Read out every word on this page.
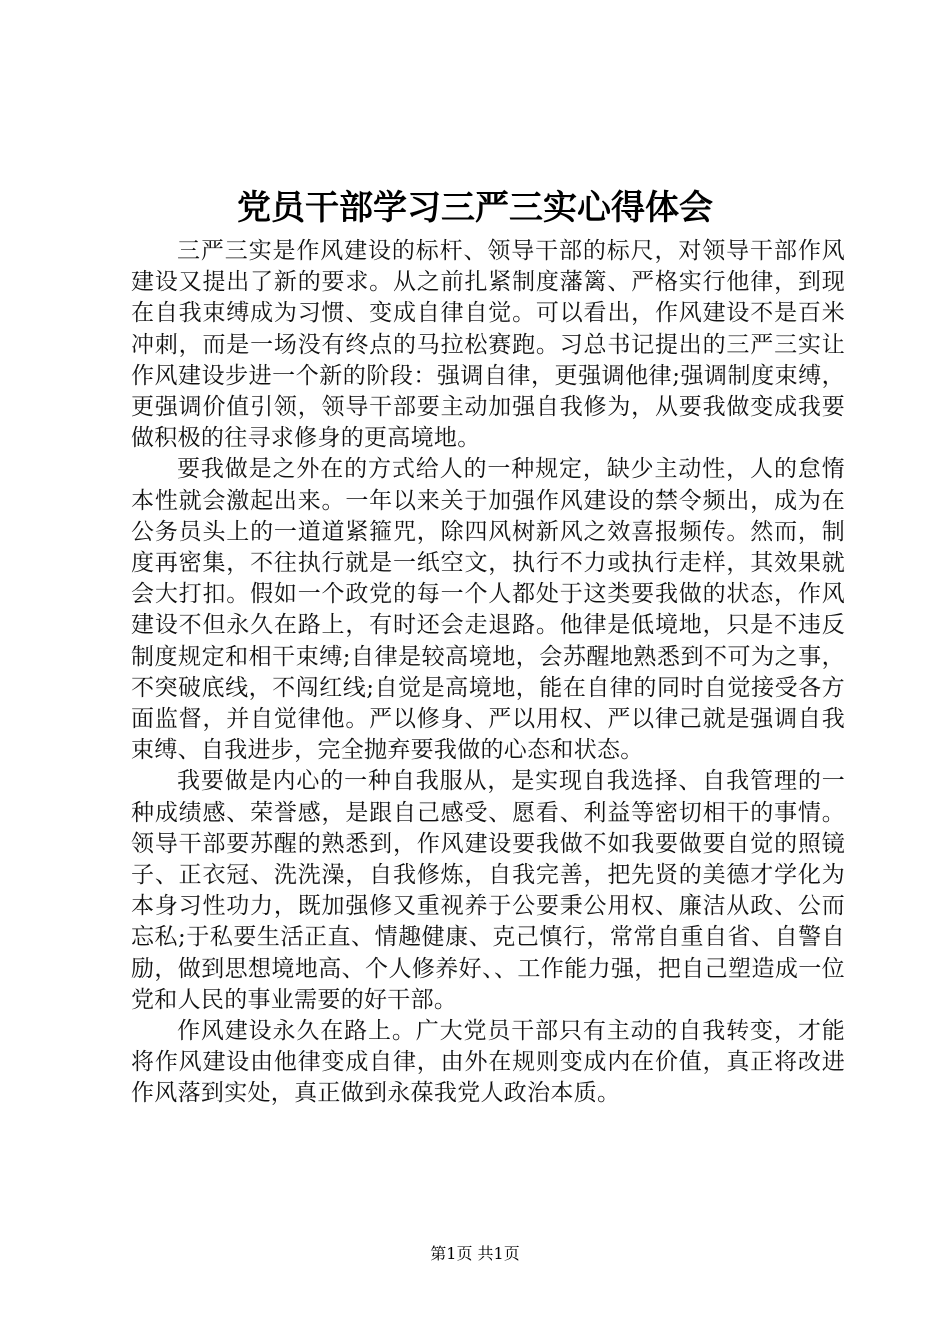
党员干部学习三严三实心得体会

三严三实是作风建设的标杆、领导干部的标尺，对领导干部作风建设又提出了新的要求。从之前扎紧制度藩篱、严格实行他律，到现在自我束缚成为习惯、变成自律自觉。可以看出，作风建设不是百米冲刺，而是一场没有终点的马拉松赛跑。习总书记提出的三严三实让作风建设步进一个新的阶段：强调自律，更强调他律;强调制度束缚，更强调价值引领，领导干部要主动加强自我修为，从要我做变成我要做积极的往寻求修身的更高境地。

要我做是之外在的方式给人的一种规定，缺少主动性，人的怠惰本性就会激起出来。一年以来关于加强作风建设的禁令频出，成为在公务员头上的一道道紧箍咒，除四风树新风之效喜报频传。然而，制度再密集，不往执行就是一纸空文，执行不力或执行走样，其效果就会大打扣。假如一个政党的每一个人都处于这类要我做的状态，作风建设不但永久在路上，有时还会走退路。他律是低境地，只是不违反制度规定和相干束缚;自律是较高境地，会苏醒地熟悉到不可为之事，不突破底线，不闯红线;自觉是高境地，能在自律的同时自觉接受各方面监督，并自觉律他。严以修身、严以用权、严以律己就是强调自我束缚、自我进步，完全抛弃要我做的心态和状态。

我要做是内心的一种自我服从，是实现自我选择、自我管理的一种成绩感、荣誉感，是跟自己感受、愿看、利益等密切相干的事情。领导干部要苏醒的熟悉到，作风建设要我做不如我要做要自觉的照镜子、正衣冠、洗洗澡，自我修炼，自我完善，把先贤的美德才学化为本身习性功力，既加强修又重视养于公要秉公用权、廉洁从政、公而忘私;于私要生活正直、情趣健康、克己慎行，常常自重自省、自警自励，做到思想境地高、个人修养好、、工作能力强，把自己塑造成一位党和人民的事业需要的好干部。

作风建设永久在路上。广大党员干部只有主动的自我转变，才能将作风建设由他律变成自律，由外在规则变成内在价值，真正将改进作风落到实处，真正做到永葆我党人政治本质。

第1页 共1页
